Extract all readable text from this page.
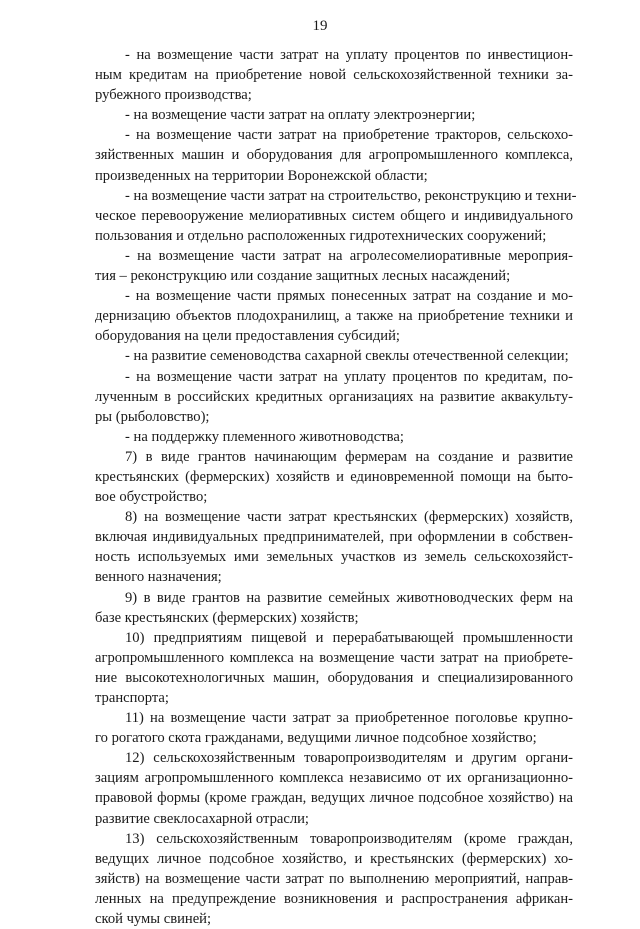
19
- на возмещение части затрат на уплату процентов по инвестицион-
ным кредитам на приобретение новой сельскохозяйственной техники за-
рубежного производства;
- на возмещение части затрат на оплату электроэнергии;
- на возмещение части затрат на приобретение тракторов, сельскохо-
зяйственных машин и оборудования для агропромышленного комплекса,
произведенных на территории Воронежской области;
- на возмещение части затрат на строительство, реконструкцию и техни-
ческое перевооружение мелиоративных систем общего и индивидуального
пользования и отдельно расположенных гидротехнических сооружений;
- на возмещение части затрат на агролесомелиоративные мероприя-
тия – реконструкцию или создание защитных лесных насаждений;
- на возмещение части прямых понесенных затрат на создание и мо-
дернизацию объектов плодохранилищ, а также на приобретение техники и
оборудования на цели предоставления субсидий;
- на развитие семеноводства сахарной свеклы отечественной селекции;
- на возмещение части затрат на уплату процентов по кредитам, по-
лученным в российских кредитных организациях на развитие аквакульту-
ры (рыболовство);
- на поддержку племенного животноводства;
7) в виде грантов начинающим фермерам на создание и развитие
крестьянских (фермерских) хозяйств и единовременной помощи на быто-
вое обустройство;
8) на возмещение части затрат крестьянских (фермерских) хозяйств,
включая индивидуальных предпринимателей, при оформлении в собствен-
ность используемых ими земельных участков из земель сельскохозяйст-
венного назначения;
9) в виде грантов на развитие семейных животноводческих ферм на
базе крестьянских (фермерских) хозяйств;
10) предприятиям пищевой и перерабатывающей промышленности
агропромышленного комплекса на возмещение части затрат на приобрете-
ние высокотехнологичных машин, оборудования и специализированного
транспорта;
11) на возмещение части затрат за приобретенное поголовье крупно-
го рогатого скота гражданами, ведущими личное подсобное хозяйство;
12) сельскохозяйственным товаропроизводителям и другим органи-
зациям агропромышленного комплекса независимо от их организационно-
правовой формы (кроме граждан, ведущих личное подсобное хозяйство) на
развитие свеклосахарной отрасли;
13) сельскохозяйственным товаропроизводителям (кроме граждан,
ведущих личное подсобное хозяйство, и крестьянских (фермерских) хо-
зяйств) на возмещение части затрат по выполнению мероприятий, направ-
ленных на предупреждение возникновения и распространения африкан-
ской чумы свиней;
